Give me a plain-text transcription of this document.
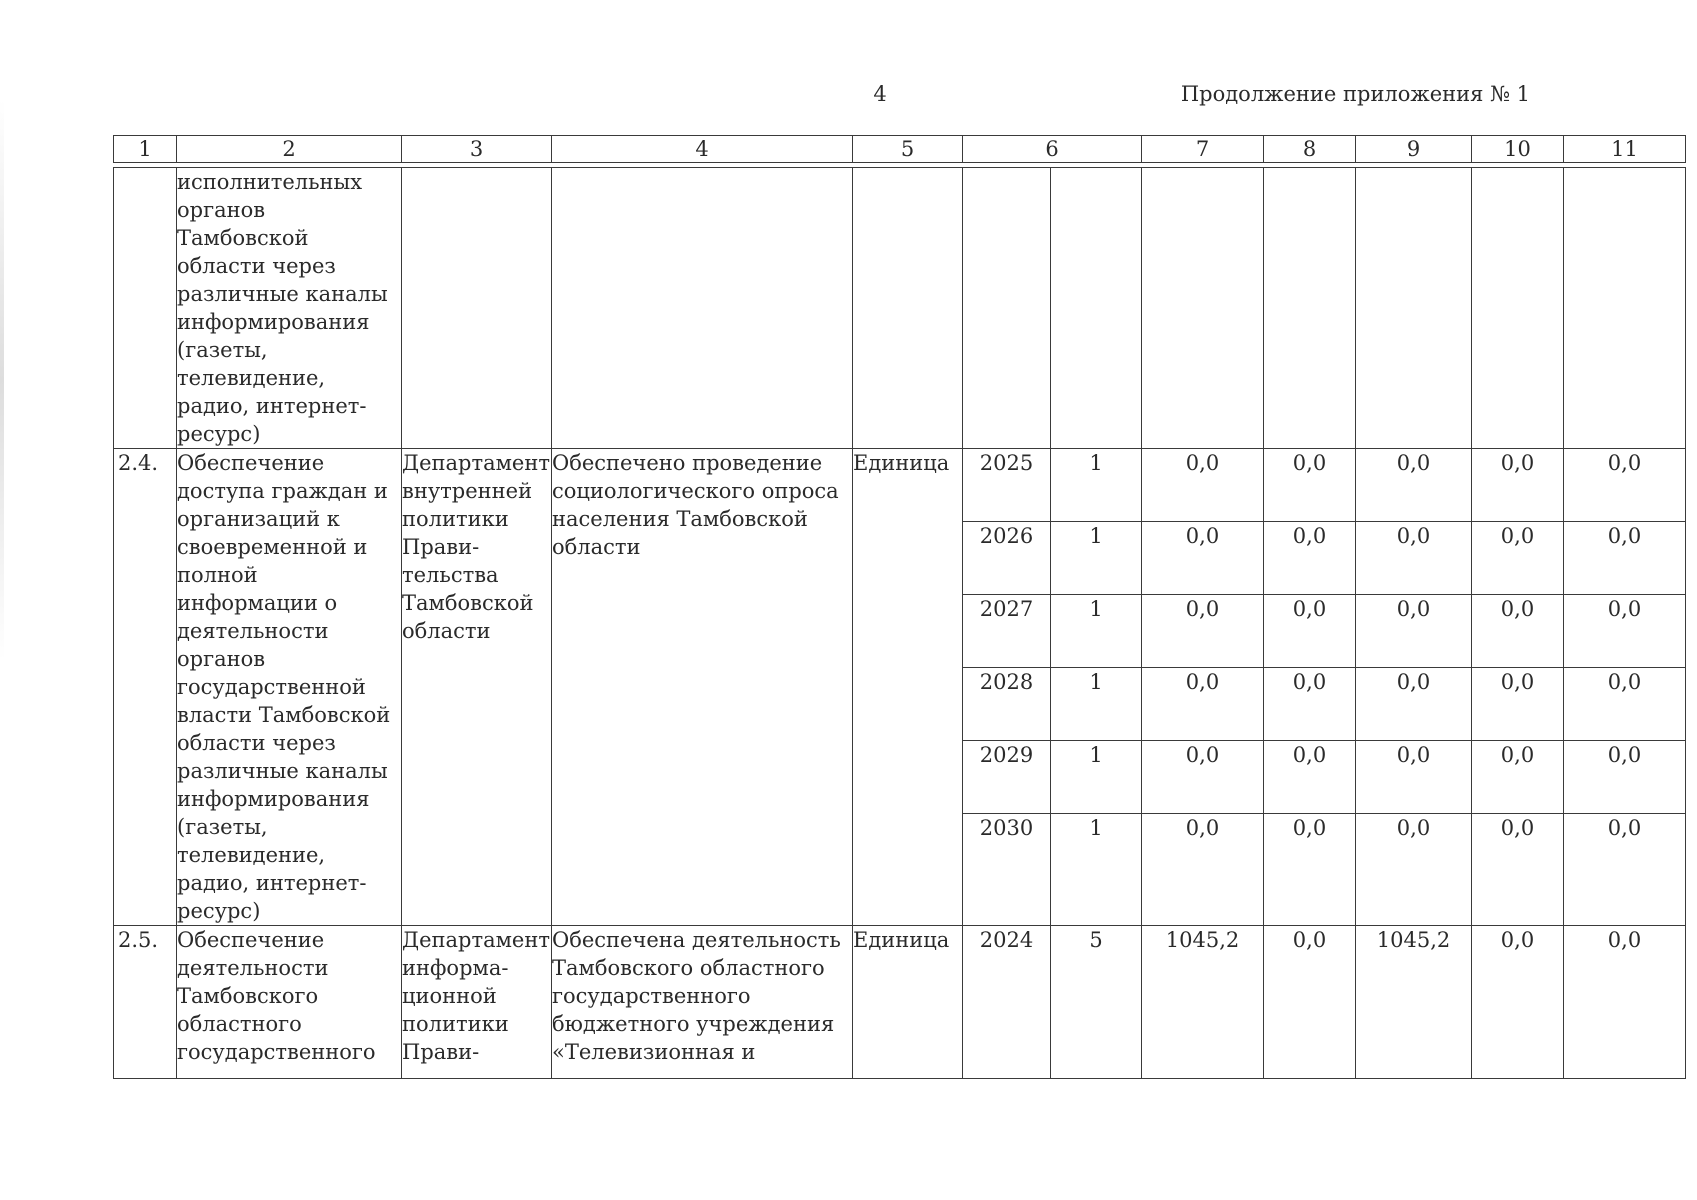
4	Продолжение приложения № 1
1	2	3	4	5	6		7	8	9	10	11

	исполнительных органов Тамбовской области через различные каналы информирования (газеты, телевидение, радио, интернет-ресурс)										
2.4.	Обеспечение доступа граждан и организаций к своевременной и полной информации о деятельности органов государственной власти Тамбовской области через различные каналы информирования (газеты, телевидение, радио, интернет-ресурс)	Департамент внутренней политики Прави-тельства Тамбовской области	Обеспечено проведение социологического опроса населения Тамбовской области	Единица	2025	1	0,0	0,0	0,0	0,0	0,0
					2026	1	0,0	0,0	0,0	0,0	0,0
					2027	1	0,0	0,0	0,0	0,0	0,0
					2028	1	0,0	0,0	0,0	0,0	0,0
					2029	1	0,0	0,0	0,0	0,0	0,0
					2030	1	0,0	0,0	0,0	0,0	0,0
2.5.	Обеспечение деятельности Тамбовского областного государственного	Департамент информа-ционной политики Прави-	Обеспечена деятельность Тамбовского областного государственного бюджетного учреждения «Телевизионная и	Единица	2024	5	1045,2	0,0	1045,2	0,0	0,0
